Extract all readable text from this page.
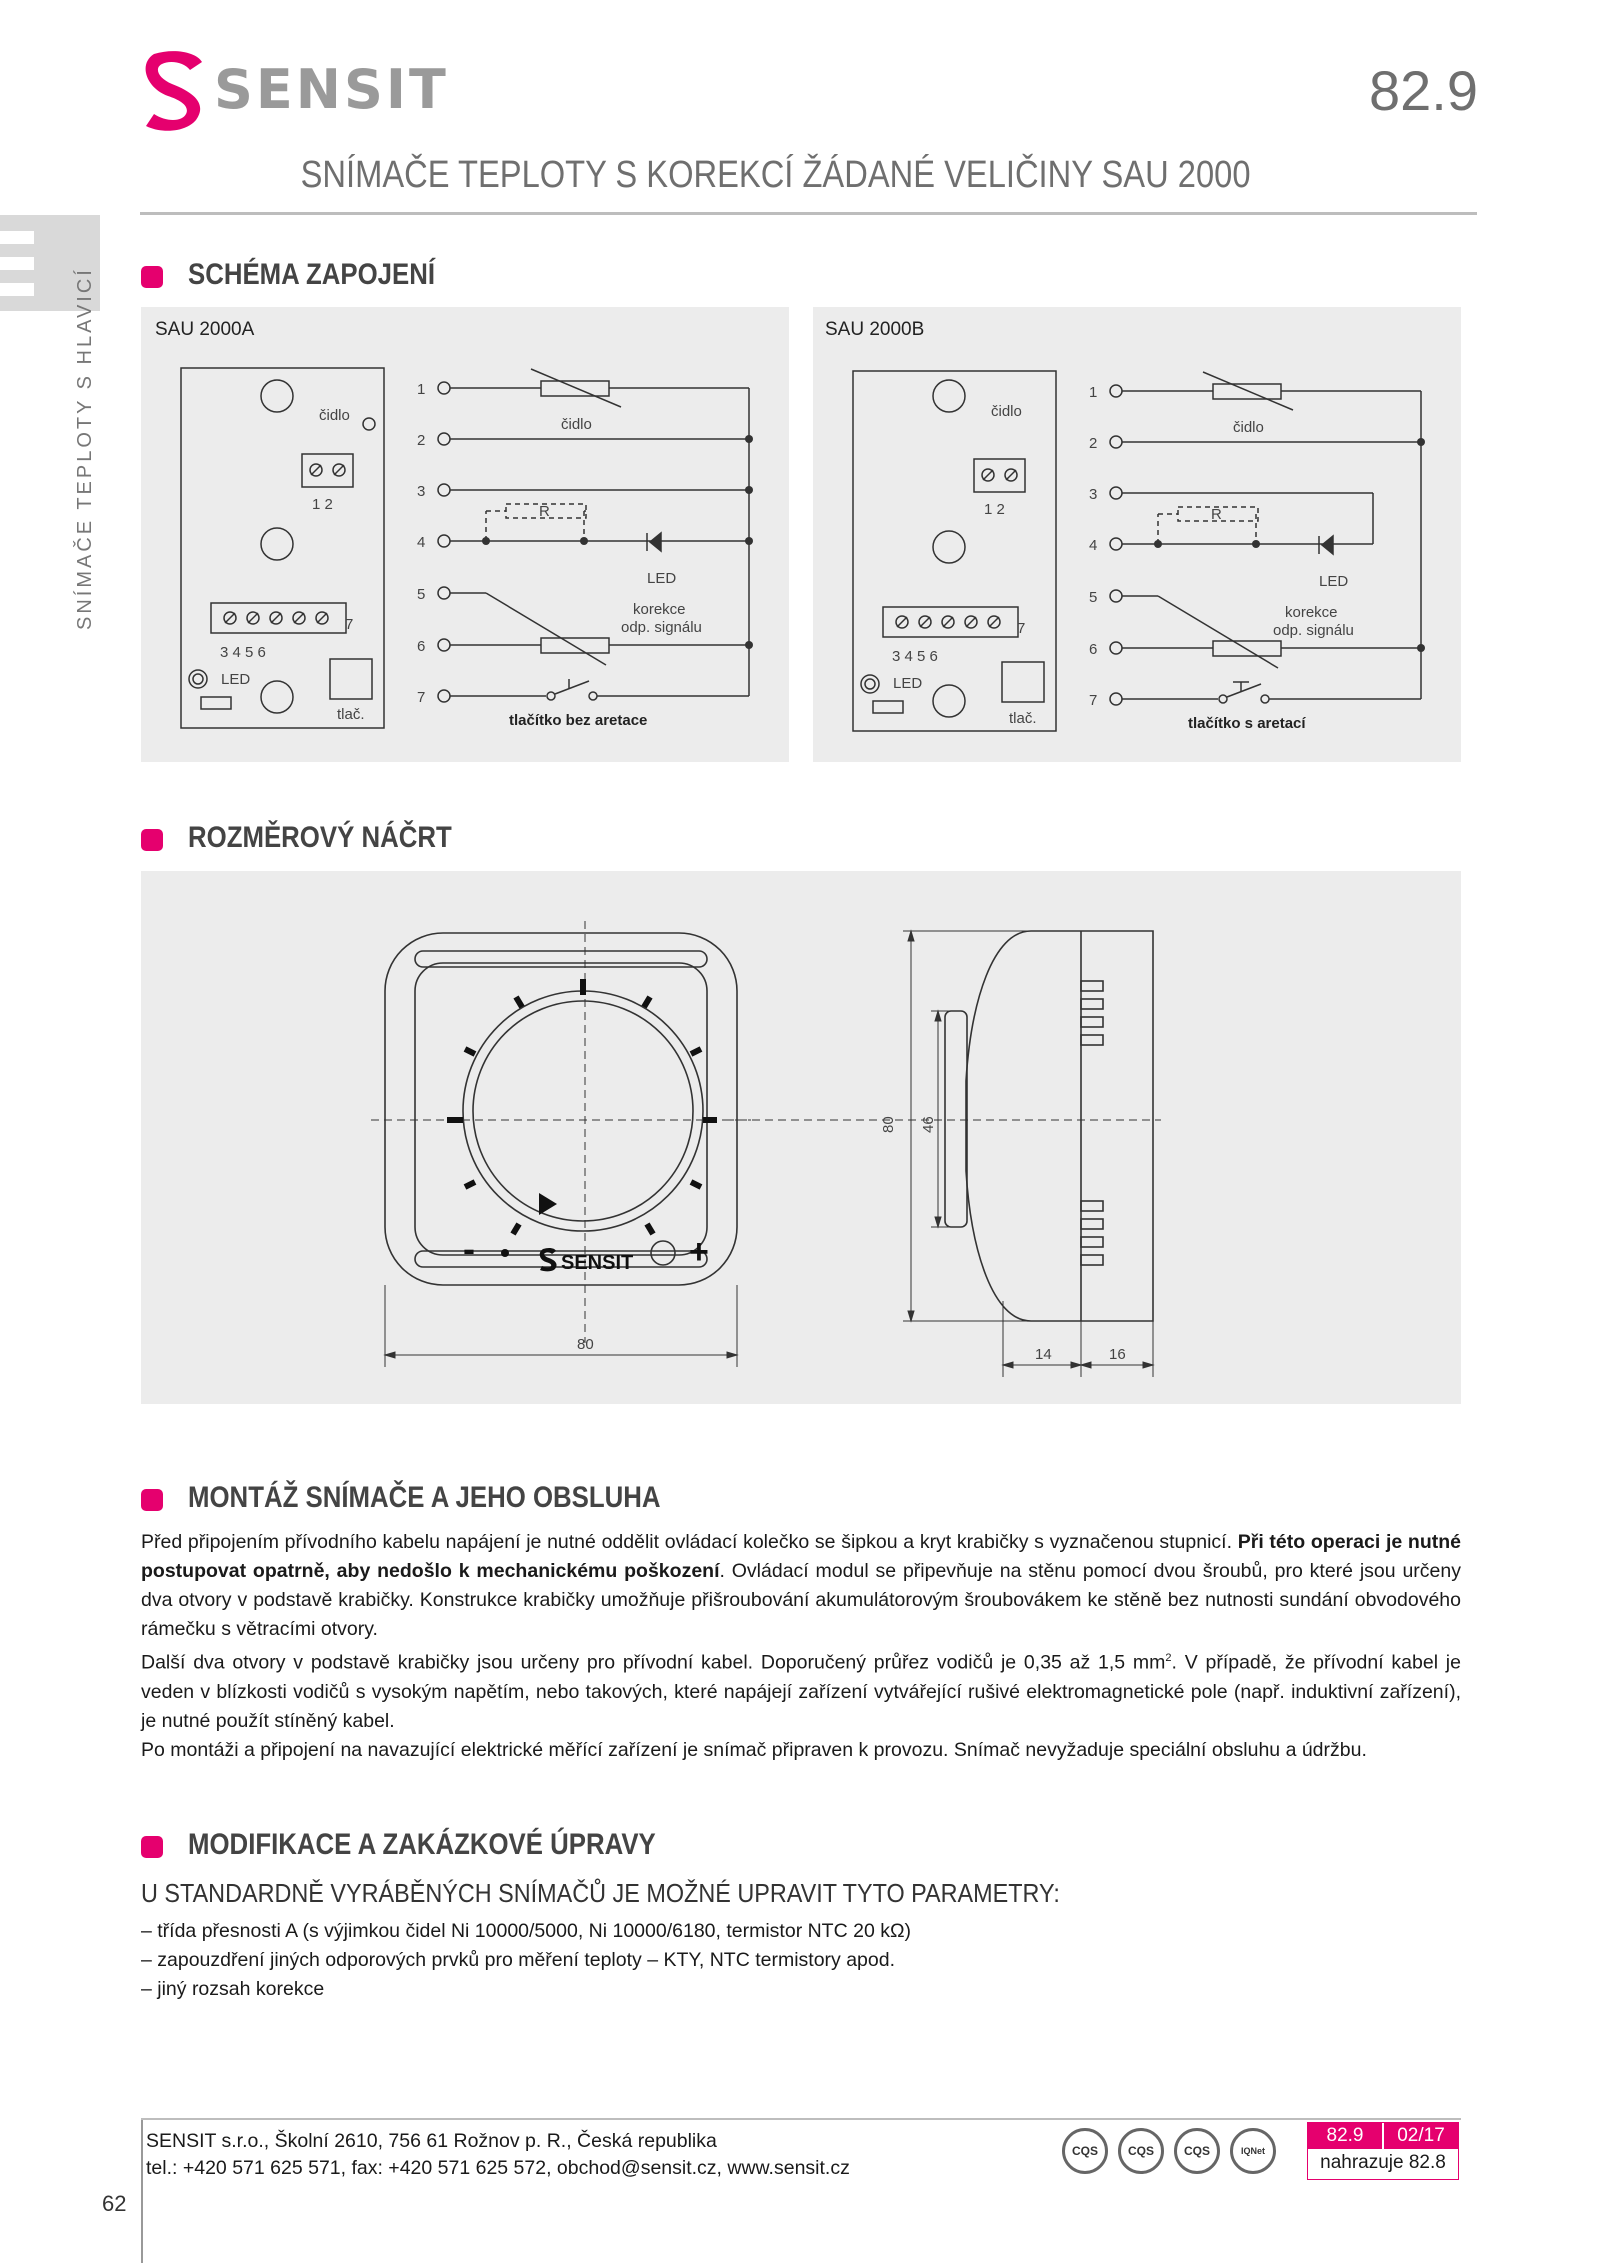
SENSIT	82.9
SNÍMAČE TEPLOTY S KOREKCÍ ŽÁDANÉ VELIČINY SAU 2000
SNÍMAČE TEPLOTY S HLAVICÍ	SCHÉMA ZAPOJENÍ
SAU 2000A
čidlo
1 2
3 4 5 6
7
LED
tlač.
1
2
3
4
5
6
7
čidlo
R
LED
korekce
odp. signálu
tlačítko bez aretace
SAU 2000B
čidlo
1 2
3 4 5 6
7
LED
tlač.
1
2
3
4
5
6
7
čidlo
R
LED
korekce
odp. signálu
tlačítko s aretací
ROZMĚROVÝ NÁČRT
-	+
SENSIT
80
80 46
14	16
MONTÁŽ SNÍMAČE A JEHO OBSLUHA

Před připojením přívodního kabelu napájení je nutné oddělit ovládací kolečko se šipkou a kryt krabičky s vyznačenou stupnicí. Při této operaci je nutné postupovat opatrně, aby nedošlo k mechanickému poškození. Ovládací modul se připevňuje na stěnu pomocí dvou šroubů, pro které jsou určeny dva otvory v podstavě krabičky. Konstrukce krabičky umožňuje přišroubování akumulátorovým šroubovákem ke stěně bez nutnosti sundání obvodového rámečku s větracími otvory.

Další dva otvory v podstavě krabičky jsou určeny pro přívodní kabel. Doporučený průřez vodičů je 0,35 až 1,5 $mm^2$. V případě, že přívodní kabel je veden v blízkosti vodičů s vysokým napětím, nebo takových, které napájejí zařízení vytvářející rušivé elektromagnetické pole (např. induktivní zařízení), je nutné použít stíněný kabel.

Po montáži a připojení na navazující elektrické měřící zařízení je snímač připraven k provozu. Snímač nevyžaduje speciální obsluhu a údržbu.

MODIFIKACE A ZAKÁZKOVÉ ÚPRAVY
U STANDARDNĚ VYRÁBĚNÝCH SNÍMAČŮ JE MOŽNÉ UPRAVIT TYTO PARAMETRY:
– třída přesnosti A (s výjimkou čidel Ni 10000/5000, Ni 10000/6180, termistor NTC 20 kΩ)
– zapouzdření jiných odporových prvků pro měření teploty – KTY, NTC termistory apod.
– jiný rozsah korekce
SENSIT s.r.o., Školní 2610, 756 61 Rožnov p. R., Česká republika
tel.: +420 571 625 571, fax: +420 571 625 572, obchod@sensit.cz, www.sensit.cz
62
CQS	CQS	CQS	IQNet
82.9	02/17
nahrazuje 82.8
